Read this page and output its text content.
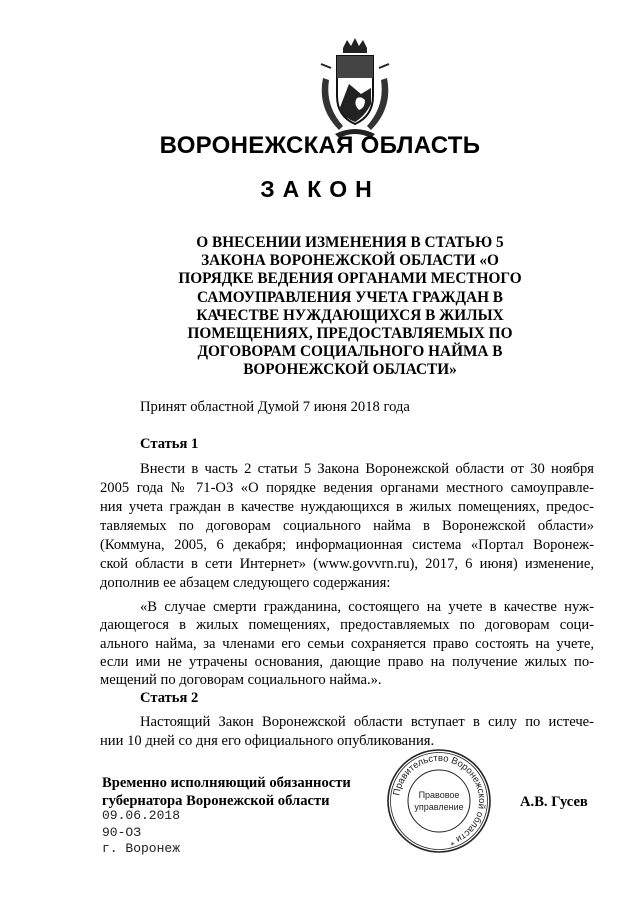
ВОРОНЕЖСКАЯ ОБЛАСТЬ
ЗАКОН
О ВНЕСЕНИИ ИЗМЕНЕНИЯ В СТАТЬЮ 5
ЗАКОНА ВОРОНЕЖСКОЙ ОБЛАСТИ «О
ПОРЯДКЕ ВЕДЕНИЯ ОРГАНАМИ МЕСТНОГО
САМОУПРАВЛЕНИЯ УЧЕТА ГРАЖДАН В
КАЧЕСТВЕ НУЖДАЮЩИХСЯ В ЖИЛЫХ
ПОМЕЩЕНИЯХ, ПРЕДОСТАВЛЯЕМЫХ ПО
ДОГОВОРАМ СОЦИАЛЬНОГО НАЙМА В
ВОРОНЕЖСКОЙ ОБЛАСТИ»
Принят областной Думой 7 июня 2018 года
Статья 1
Внести в часть 2 статьи 5 Закона Воронежской области от 30 ноября
2005 года № 71-ОЗ «О порядке ведения органами местного самоуправле-
ния учета граждан в качестве нуждающихся в жилых помещениях, предос-
тавляемых по договорам социального найма в Воронежской области»
(Коммуна, 2005, 6 декабря; информационная система «Портал Воронеж-
ской области в сети Интернет» (www.govvrn.ru), 2017, 6 июня) изменение,
дополнив ее абзацем следующего содержания:
«В случае смерти гражданина, состоящего на учете в качестве нуж-
дающегося в жилых помещениях, предоставляемых по договорам соци-
ального найма, за членами его семьи сохраняется право состоять на учете,
если ими не утрачены основания, дающие право на получение жилых по-
мещений по договорам социального найма.».
Статья 2
Настоящий Закон Воронежской области вступает в силу по истече-
нии 10 дней со дня его официального опубликования.
Временно исполняющий обязанности
губернатора Воронежской области	А.В. Гусев
09.06.2018
90-ОЗ
г. Воронеж
Правительство Воронежской области *
Правовое
управление
